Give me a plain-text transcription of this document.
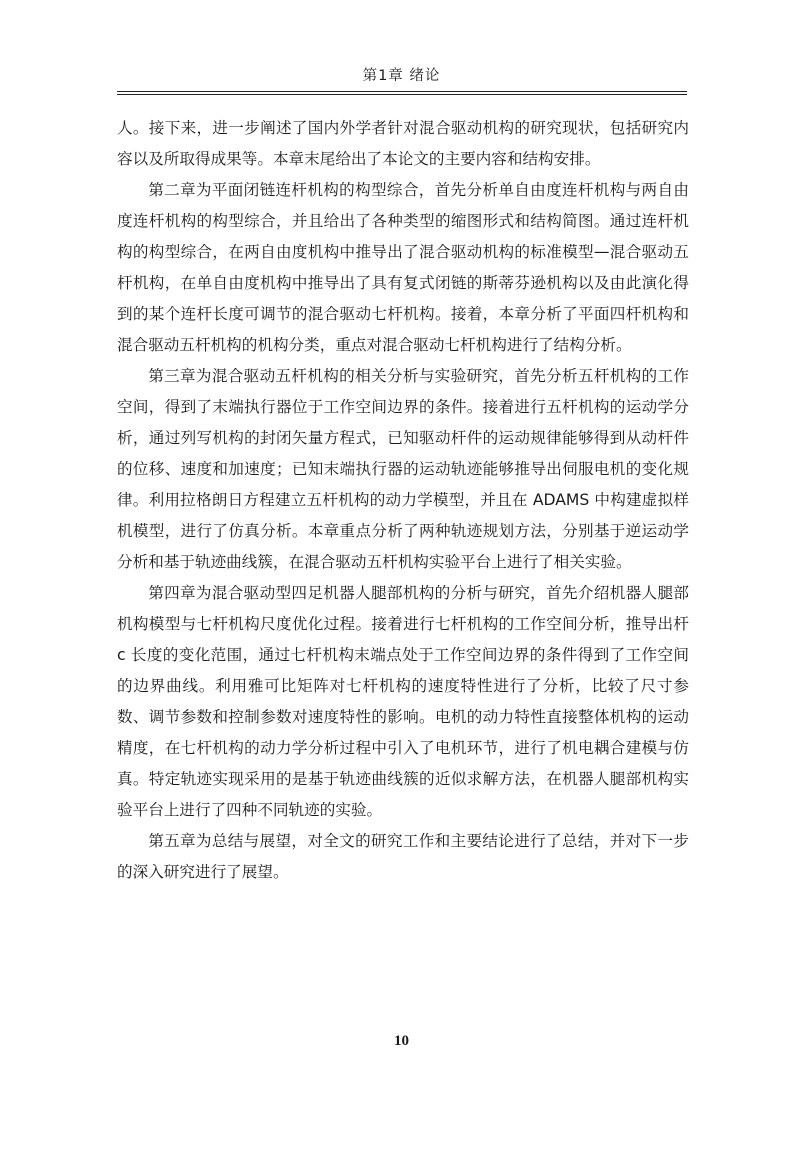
第1章 绪论

人。接下来，进一步阐述了国内外学者针对混合驱动机构的研究现状，包括研究内容以及所取得成果等。本章末尾给出了本论文的主要内容和结构安排。

第二章为平面闭链连杆机构的构型综合，首先分析单自由度连杆机构与两自由度连杆机构的构型综合，并且给出了各种类型的缩图形式和结构简图。通过连杆机构的构型综合，在两自由度机构中推导出了混合驱动机构的标准模型—混合驱动五杆机构，在单自由度机构中推导出了具有复式闭链的斯蒂芬逊机构以及由此演化得到的某个连杆长度可调节的混合驱动七杆机构。接着，本章分析了平面四杆机构和混合驱动五杆机构的机构分类，重点对混合驱动七杆机构进行了结构分析。

第三章为混合驱动五杆机构的相关分析与实验研究，首先分析五杆机构的工作空间，得到了末端执行器位于工作空间边界的条件。接着进行五杆机构的运动学分析，通过列写机构的封闭矢量方程式，已知驱动杆件的运动规律能够得到从动杆件的位移、速度和加速度；已知末端执行器的运动轨迹能够推导出伺服电机的变化规律。利用拉格朗日方程建立五杆机构的动力学模型，并且在 ADAMS 中构建虚拟样机模型，进行了仿真分析。本章重点分析了两种轨迹规划方法，分别基于逆运动学分析和基于轨迹曲线簇，在混合驱动五杆机构实验平台上进行了相关实验。

第四章为混合驱动型四足机器人腿部机构的分析与研究，首先介绍机器人腿部机构模型与七杆机构尺度优化过程。接着进行七杆机构的工作空间分析，推导出杆 c 长度的变化范围，通过七杆机构末端点处于工作空间边界的条件得到了工作空间的边界曲线。利用雅可比矩阵对七杆机构的速度特性进行了分析，比较了尺寸参数、调节参数和控制参数对速度特性的影响。电机的动力特性直接整体机构的运动精度，在七杆机构的动力学分析过程中引入了电机环节，进行了机电耦合建模与仿真。特定轨迹实现采用的是基于轨迹曲线簇的近似求解方法，在机器人腿部机构实验平台上进行了四种不同轨迹的实验。

第五章为总结与展望，对全文的研究工作和主要结论进行了总结，并对下一步的深入研究进行了展望。

10
